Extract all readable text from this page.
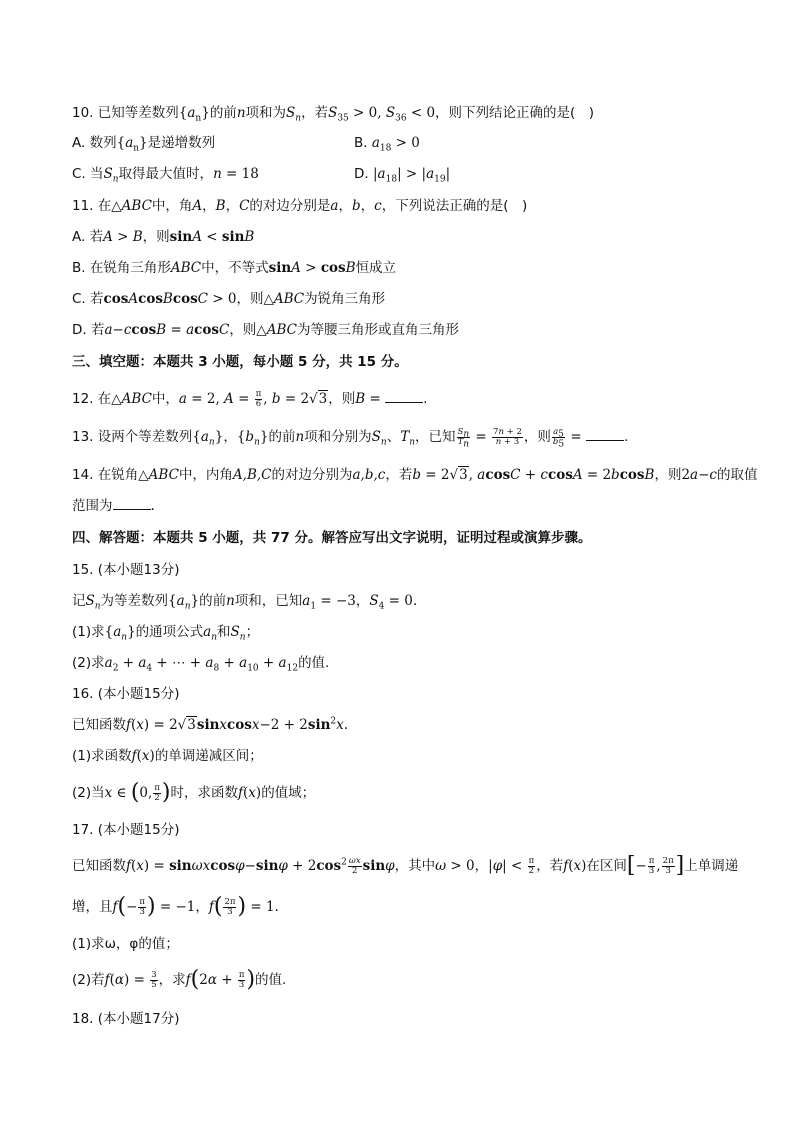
10. 已知等差数列$\{a_n\}$的前n项和为$S_n$，若$S_{35} > 0$, $S_{36} < 0$，则下列结论正确的是(　)
A. 数列$\{a_n\}$是递增数列	B. $a_{18} > 0$
C. 当$S_n$取得最大值时，n = 18	D. $|a_{18}| > |a_{19}|$
11. 在△ABC中，角A，B，C的对边分别是a，b，c，下列说法正确的是(　)
A. 若A > B，则sinA < sinB
B. 在锐角三角形ABC中，不等式sinA > cosB恒成立
C. 若cosAcosBcosC > 0，则△ABC为锐角三角形
D. 若a−ccosB = acosC，则△ABC为等腰三角形或直角三角形
三、填空题：本题共 3 小题，每小题 5 分，共 15 分。
12. 在△ABC中，a = 2, $A = \frac{\pi}{6}$ , b = 2√3，则B =	.
13. 设两个等差数列$\{a_n\}$，$\{b_n\}$的前n项和分别为$S_n$、$T_n$，已知 $\frac{S_n}{T_n} = \frac{7n + 2}{n + 3}$ ，则 $\frac{a_5}{b_5}$ =	.
14. 在锐角△ABC中，内角A,B,C的对边分别为a,b,c，若b = 2√3, acosC + ccosA = 2bcosB，则2a−c的取值
范围为	.
四、解答题：本题共 5 小题，共 77 分。解答应写出文字说明，证明过程或演算步骤。
15. (本小题13分)
记$S_n$为等差数列$\{a_n\}$的前n项和，已知$a_1 = -3$，$S_4 = 0$.
(1)求$\{a_n\}$的通项公式$a_n$和$S_n$；
(2)求$a_2 + a_4$ + ⋯ + $a_8 + a_{10} + a_{12}$的值.
16. (本小题15分)
已知函数f(x) = 2√3sinxcosx−2 + $2\sin^2x$.
(1)求函数f(x)的单调递减区间；
(2)当x ∈ (0, $\frac{\pi}{2}$ )时，求函数f(x)的值域；
17. (本小题15分)
已知函数$f(x) = \sin\omega xcos\varphi-\sin\varphi + 2\cos^2 \frac{\omega x}{2}$ sinφ，其中ω > 0，$|\varphi| < \frac{\pi}{2}$ ，若f(x)在区间[− $\frac{\pi}{3}$ , $\frac{2\pi}{3}$ ]上单调递
增，且$f(- \frac{\pi}{3}$ ) = −1，$f( \frac{2\pi}{3}$ ) = 1.
(1)求ω，φ的值；
(2)若$f(\alpha) = \frac{3}{5}$ ，求$f(2\alpha + \frac{\pi}{3}$ )的值.
18. (本小题17分)
